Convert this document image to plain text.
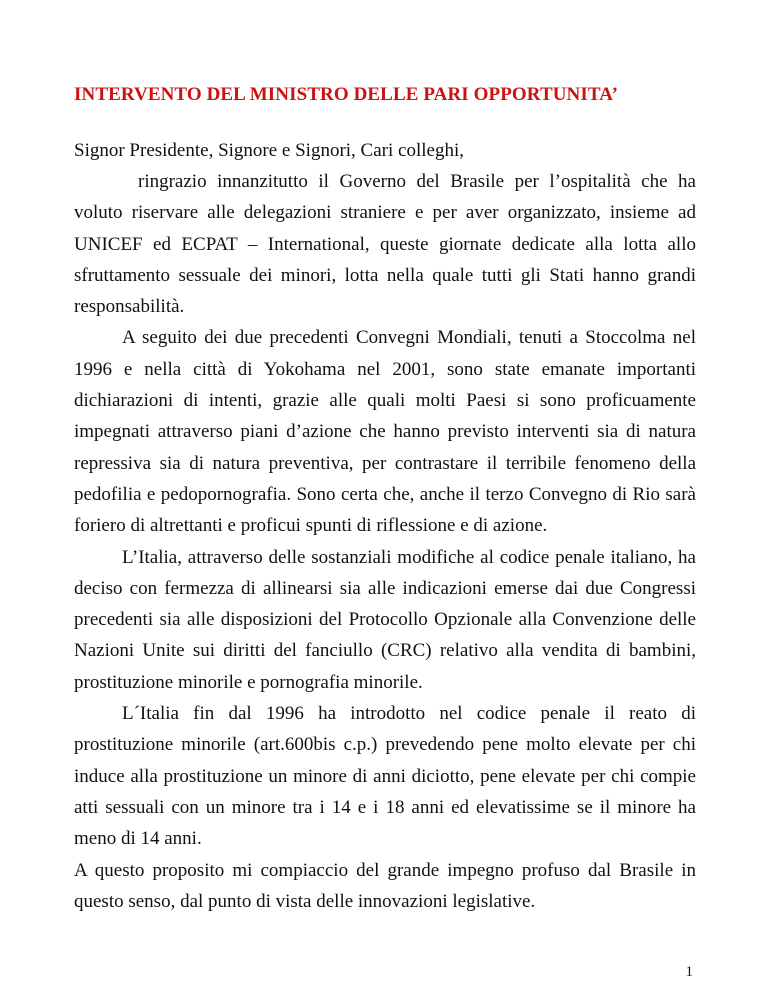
INTERVENTO DEL MINISTRO DELLE PARI OPPORTUNITA’
Signor Presidente, Signore e Signori, Cari colleghi,

ringrazio innanzitutto il Governo del Brasile per l’ospitalità che ha voluto riservare alle delegazioni straniere e per aver organizzato, insieme ad UNICEF ed ECPAT – International, queste giornate dedicate alla lotta allo sfruttamento sessuale dei minori, lotta nella quale tutti gli Stati hanno grandi responsabilità.

A seguito dei due precedenti Convegni Mondiali, tenuti a Stoccolma nel 1996 e nella città di Yokohama nel 2001, sono state emanate importanti dichiarazioni di intenti, grazie alle quali molti Paesi si sono proficuamente impegnati attraverso piani d’azione che hanno previsto interventi sia di natura repressiva sia di natura preventiva, per contrastare il terribile fenomeno della pedofilia e pedopornografia. Sono certa che, anche il terzo Convegno di Rio sarà foriero di altrettanti e proficui spunti di riflessione e di azione.

L’Italia, attraverso delle sostanziali modifiche al codice penale italiano, ha deciso con fermezza di allinearsi sia alle indicazioni emerse dai due Congressi precedenti sia alle disposizioni del Protocollo Opzionale alla Convenzione delle Nazioni Unite sui diritti del fanciullo (CRC) relativo alla vendita di bambini, prostituzione minorile e pornografia minorile.

L´Italia fin dal 1996 ha introdotto nel codice penale il reato di prostituzione minorile (art.600bis c.p.) prevedendo pene molto elevate per chi induce alla prostituzione un minore di anni diciotto, pene elevate per chi compie atti sessuali con un minore tra i 14 e i 18 anni ed elevatissime se il minore ha meno di 14 anni.

A questo proposito mi compiaccio del grande impegno profuso dal Brasile in questo senso, dal punto di vista delle innovazioni legislative.

1
